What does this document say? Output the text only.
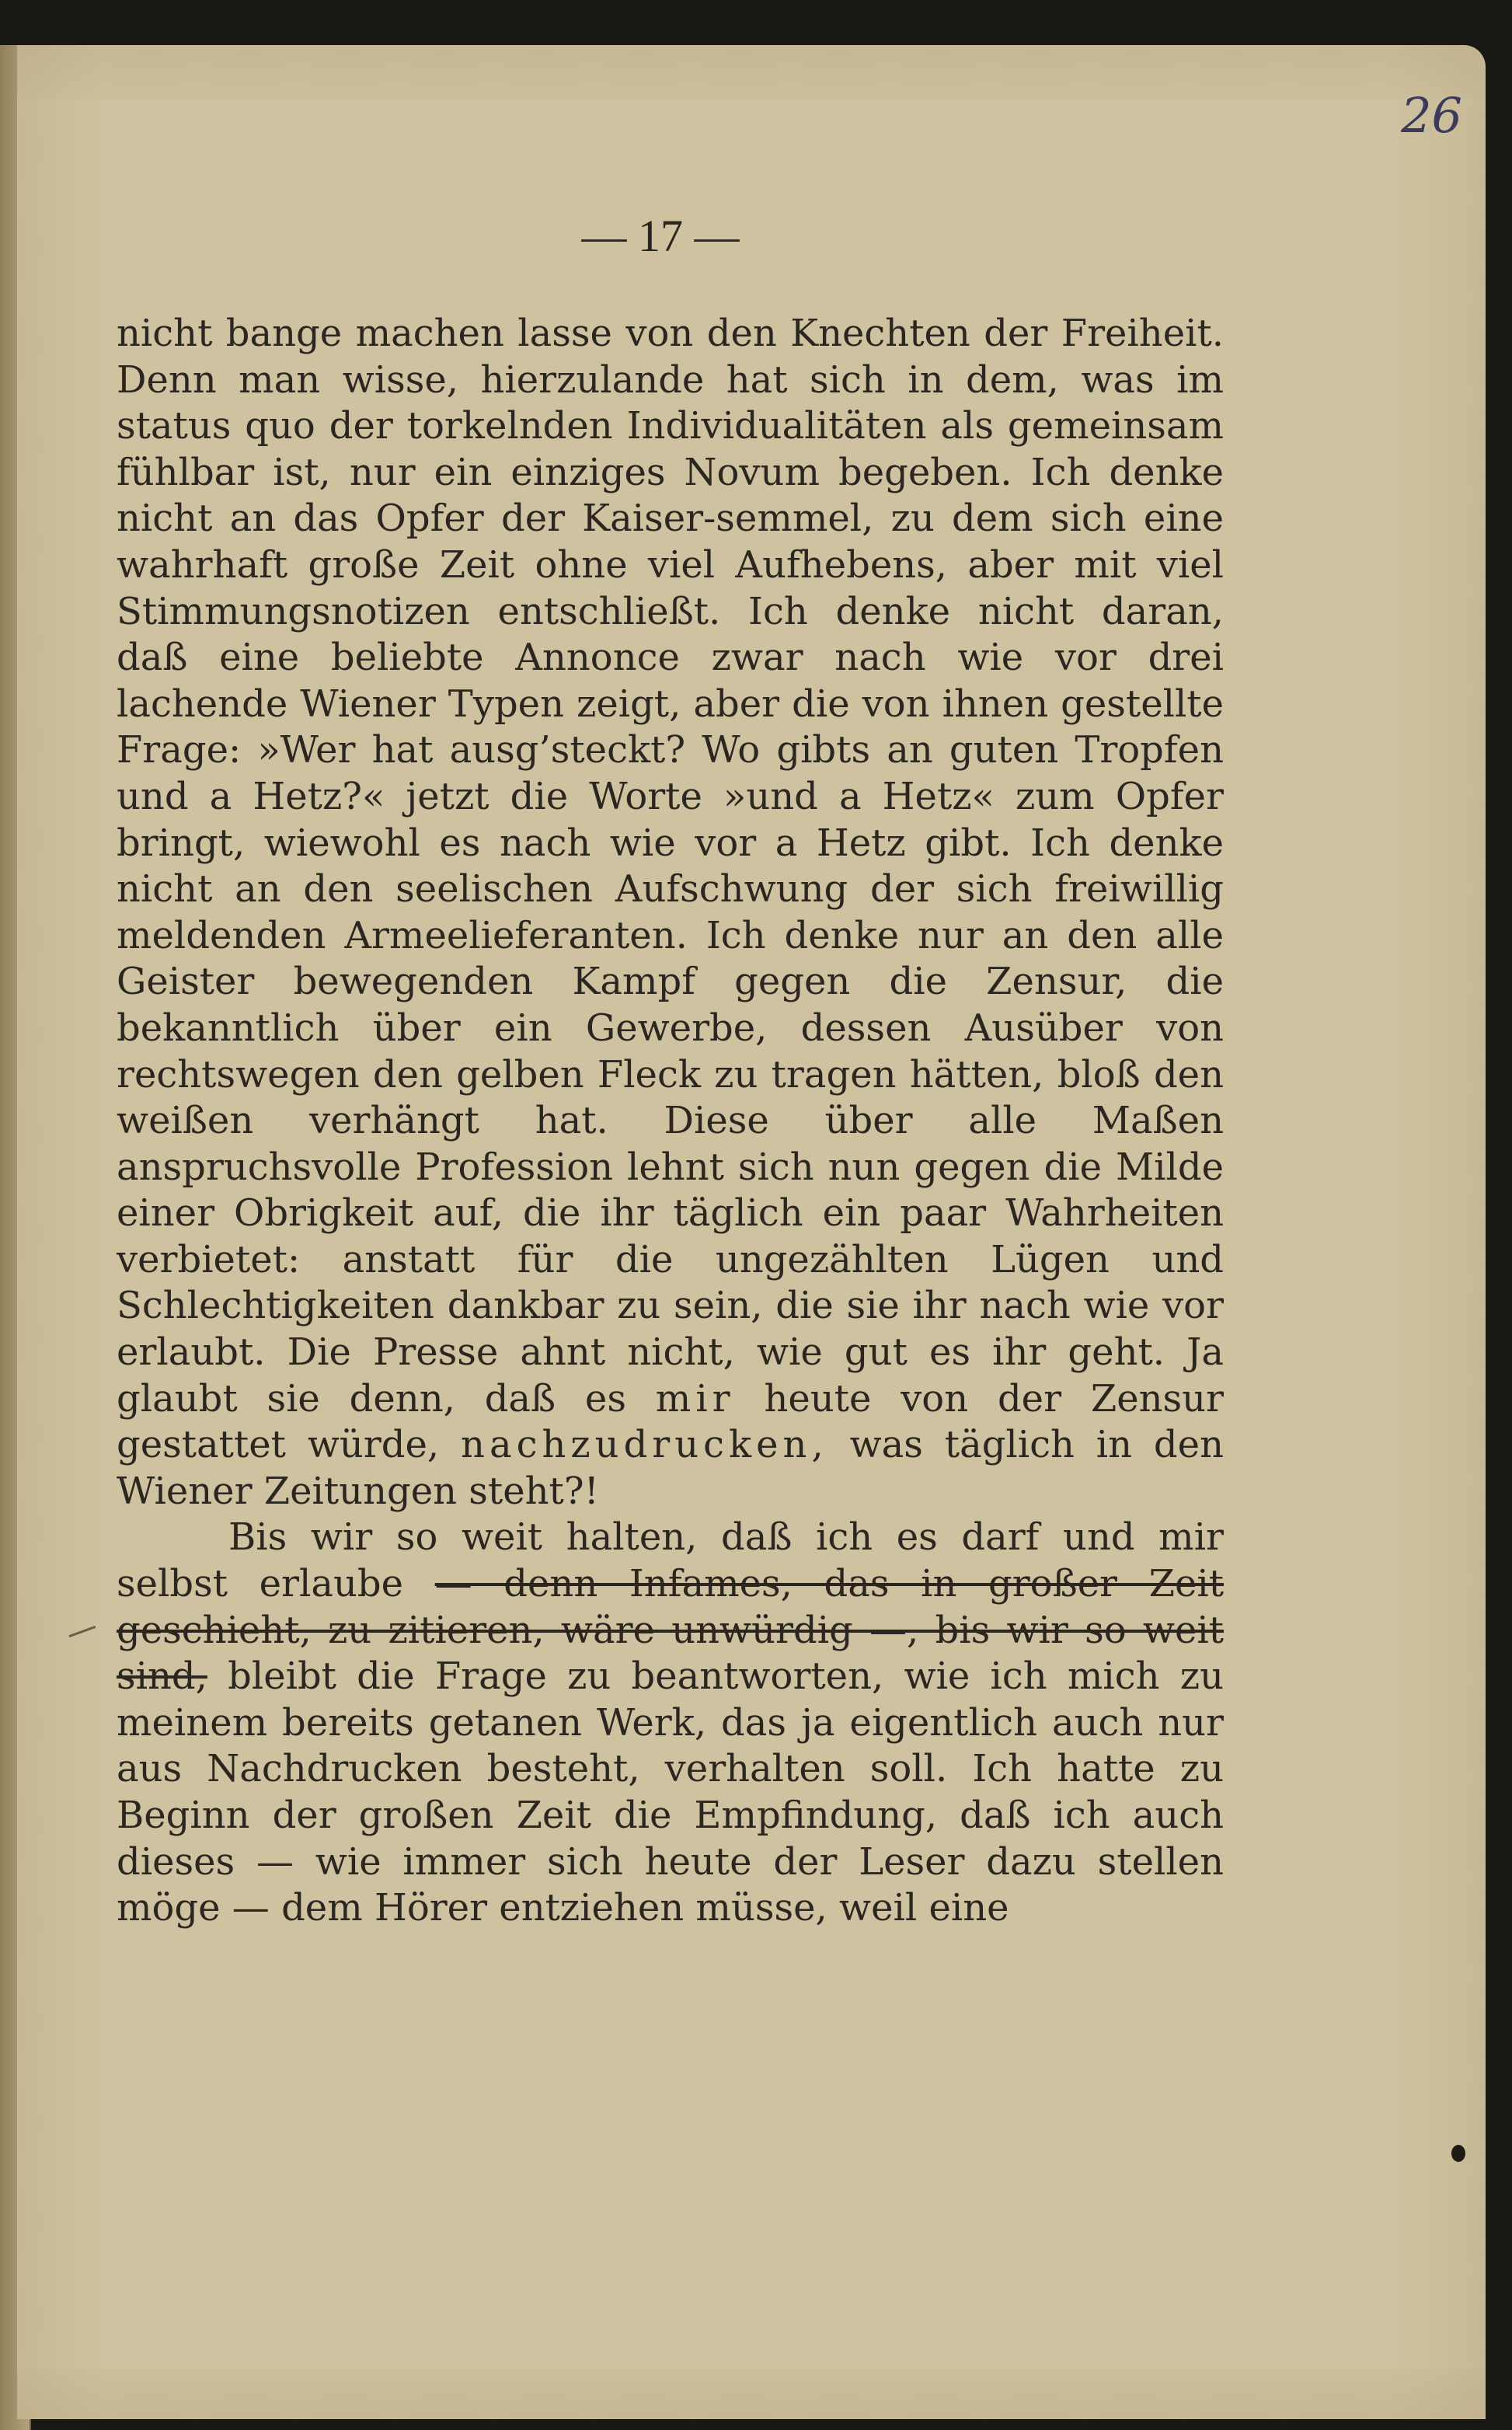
26
— 17 —

nicht bange machen lasse von den Knechten der Freiheit. Denn man wisse, hierzulande hat sich in dem, was im status quo der torkelnden Individualitäten als gemeinsam fühlbar ist, nur ein einziges Novum begeben. Ich denke nicht an das Opfer der Kaiser-semmel, zu dem sich eine wahrhaft große Zeit ohne viel Aufhebens, aber mit viel Stimmungsnotizen entschließt. Ich denke nicht daran, daß eine beliebte Annonce zwar nach wie vor drei lachende Wiener Typen zeigt, aber die von ihnen gestellte Frage: »Wer hat ausg’steckt? Wo gibts an guten Tropfen und a Hetz?« jetzt die Worte »und a Hetz« zum Opfer bringt, wiewohl es nach wie vor a Hetz gibt. Ich denke nicht an den seelischen Aufschwung der sich freiwillig meldenden Armeelieferanten. Ich denke nur an den alle Geister bewegenden Kampf gegen die Zensur, die bekanntlich über ein Gewerbe, dessen Ausüber von rechtswegen den gelben Fleck zu tragen hätten, bloß den weißen verhängt hat. Diese über alle Maßen anspruchsvolle Profession lehnt sich nun gegen die Milde einer Obrigkeit auf, die ihr täglich ein paar Wahrheiten verbietet: anstatt für die ungezählten Lügen und Schlechtigkeiten dankbar zu sein, die sie ihr nach wie vor erlaubt. Die Presse ahnt nicht, wie gut es ihr geht. Ja glaubt sie denn, daß es mir heute von der Zensur gestattet würde, nachzudrucken, was täglich in den Wiener Zeitungen steht?!

Bis wir so weit halten, daß ich es darf und mir selbst erlaube — denn Infames, das in großer Zeit geschieht, zu zitieren, wäre unwürdig —, bis wir so weit sind, bleibt die Frage zu beantworten, wie ich mich zu meinem bereits getanen Werk, das ja eigentlich auch nur aus Nachdrucken besteht, verhalten soll. Ich hatte zu Beginn der großen Zeit die Empfindung, daß ich auch dieses — wie immer sich heute der Leser dazu stellen möge — dem Hörer entziehen müsse, weil eine
